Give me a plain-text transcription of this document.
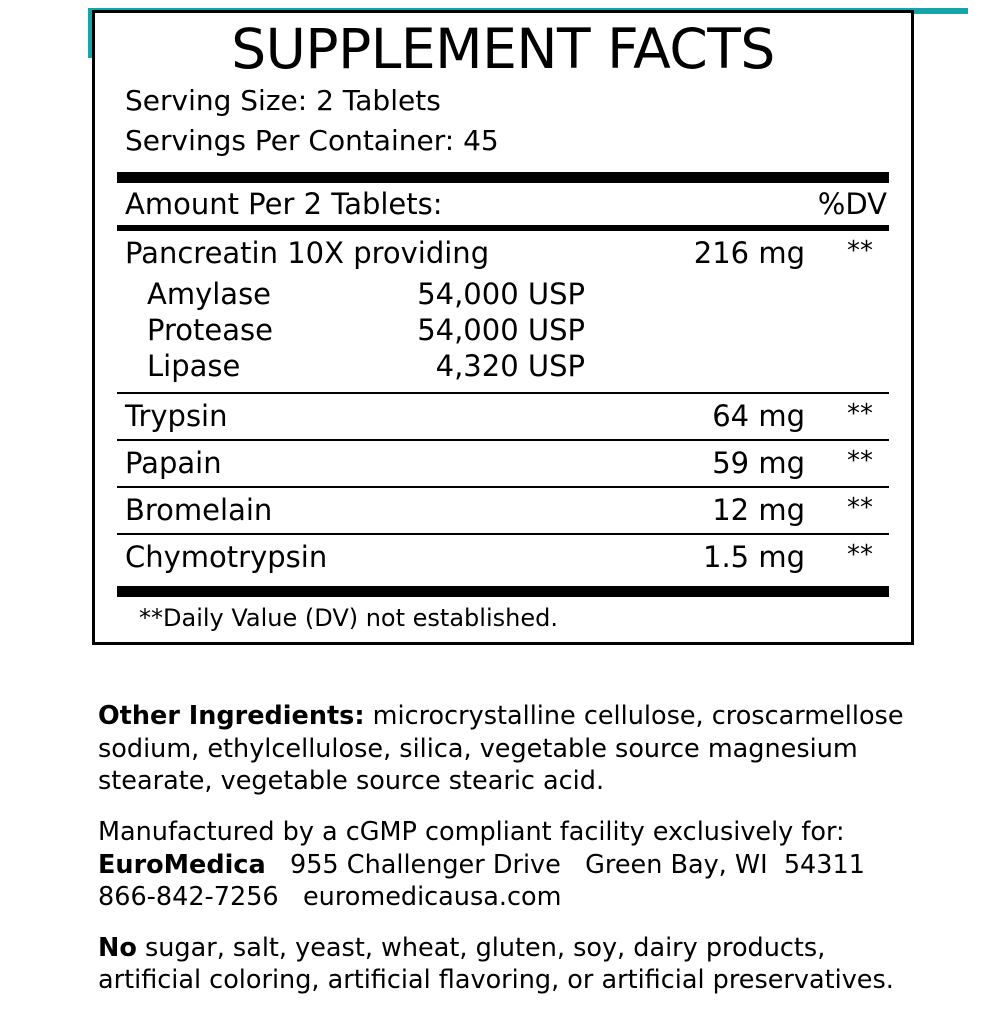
SUPPLEMENT FACTS
Serving Size: 2 Tablets
Servings Per Container: 45
Amount Per 2 Tablets:	%DV
Pancreatin 10X providing	216 mg	**
Amylase	54,000 USP
Protease	54,000 USP
Lipase	4,320 USP
Trypsin	64 mg	**
Papain	59 mg	**
Bromelain	12 mg	**
Chymotrypsin	1.5 mg	**
**Daily Value (DV) not established.

Other Ingredients: microcrystalline cellulose, croscarmellose sodium, ethylcellulose, silica, vegetable source magnesium stearate, vegetable source stearic acid.

Manufactured by a cGMP compliant facility exclusively for:

EuroMedica 955 Challenger Drive   Green Bay, WI  54311

866-842-7256 euromedicausa.com

No sugar, salt, yeast, wheat, gluten, soy, dairy products, artificial coloring, artificial flavoring, or artificial preservatives.
